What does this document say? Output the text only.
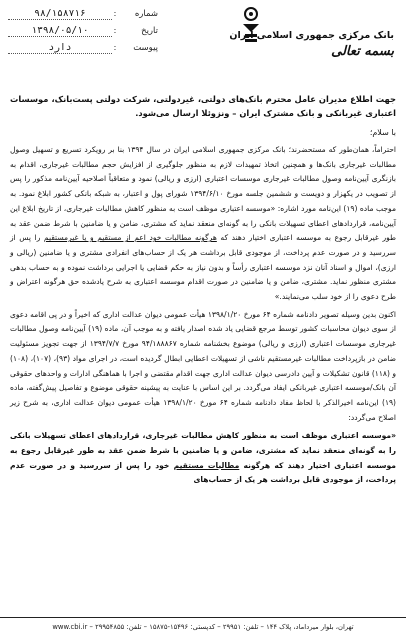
شماره
:
۹۸/۱۵۸۷۱۶
تاریخ
:
۱۳۹۸/۰۵/۱۰
پیوست
:
دارد
بانک مرکزی جمهوری اسلامی ایران
بسمه تعالی

جهت اطلاع مدیران عامل محترم بانک‌های دولتی، غیردولتی، شرکت دولتی پست‌بانک، موسسات اعتباری غیربانکی و بانک مشترک ایران – ونزوئلا ارسال می‌شود.

با سلام؛

احتراماً، همان‌طور که مستحضرند؛ بانک مرکزی جمهوری اسلامی ایران در سال ۱۳۹۴ بنا بر رویکرد تسریع و تسهیل وصول مطالبات غیرجاری بانک‌ها و همچنین اتخاذ تمهیدات لازم به منظور جلوگیری از افزایش حجم مطالبات غیرجاری، اقدام به بازنگری آیین‌نامه وصول مطالبات غیرجاری موسسات اعتباری (ارزی و ریالی) نمود و متعاقباً اصلاحیه آیین‌نامه مذکور را پس از تصویب در یکهزار و دویست و ششمین جلسه مورخ ۱۳۹۴/۶/۱۰ شورای پول و اعتبار، به شبکه بانکی کشور ابلاغ نمود. به موجب ماده (۱۹) این‌نامه مورد اشاره: «موسسه اعتباری موظف است به منظور کاهش مطالبات غیرجاری، از تاریخ ابلاغ این آیین‌نامه، قراردادهای اعطای تسهیلات بانکی را به گونه‌ای منعقد نماید که مشتری، ضامن و یا ضامنین با شرط ضمن عقد به طور غیرقابل رجوع به موسسه اعتباری اختیار دهند که هرگونه مطالبات خود اعم از مستقیم و یا غیرمستقیم را پس از سررسید و در صورت عدم پرداخت، از موجودی قابل برداشت هر یک از حساب‌های انفرادی مشتری و یا ضامنین (ریالی و ارزی)، اموال و اسناد آنان نزد موسسه اعتباری رأساً و بدون نیاز به حکم قضایی یا اجرایی برداشت نموده و به حساب بدهی مشتری منظور نماید. مشتری، ضامن و یا ضامنین در صورت اقدام موسسه اعتباری به شرح یادشده حق هرگونه اعتراض و طرح دعوی را از خود سلب می‌نمایند.»

اکنون بدین وسیله تصویر دادنامه شماره ۶۴ مورخ ۱۳۹۸/۱/۲۰ هیأت عمومی دیوان عدالت اداری که اخیراً و در پی اقامه دعوی از سوی دیوان محاسبات کشور توسط مرجع قضایی یاد شده اصدار یافته و به موجب آن، ماده (۱۹) آیین‌نامه وصول مطالبات غیرجاری موسسات اعتباری (ارزی و ریالی) موضوع بخشنامه شماره ۹۴/۱۸۸۸۶۷ مورخ ۱۳۹۴/۷/۷ از جهت تجویز مسئولیت ضامن در بازپرداخت مطالبات غیرمستقیم ناشی از تسهیلات اعطایی ابطال گردیده است، در اجرای مواد (۹۳)، (۱۰۷)، (۱۰۸) و (۱۱۸) قانون تشکیلات و آیین دادرسی دیوان عدالت اداری جهت اقدام مقتضی و اجرا با هماهنگی ادارات و واحدهای حقوقی آن بانک/موسسه اعتباری غیربانکی ایفاد می‌گردد. بر این اساس با عنایت به پیشینه حقوقی موضوع و تفاصیل پیش‌گفته، ماده (۱۹) این‌نامه اخیرالذکر با لحاظ مفاد دادنامه شماره ۶۴ مورخ ۱۳۹۸/۱/۲۰ هیأت عمومی دیوان عدالت اداری، به شرح زیر اصلاح می‌گردد:

«موسسه اعتباری موظف است به منظور کاهش مطالبات غیرجاری، قراردادهای اعطای تسهیلات بانکی را به گونه‌ای منعقد نماید که مشتری، ضامن و یا ضامنین با شرط ضمن عقد به طور غیرقابل رجوع به موسسه اعتباری اختیار دهند که هرگونه مطالبات مستقیم خود را پس از سررسید و در صورت عدم پرداخت، از موجودی قابل برداشت هر یک از حساب‌های

تهران، بلوار میرداماد، پلاک ۱۴۴ – تلفن: ۲۹۹۵۱ – کدپستی: ۱۵۴۹۶-۱۵۸۷۵ – تلفن: ۲۹۹۵۴۸۵۵ – www.cbi.ir
